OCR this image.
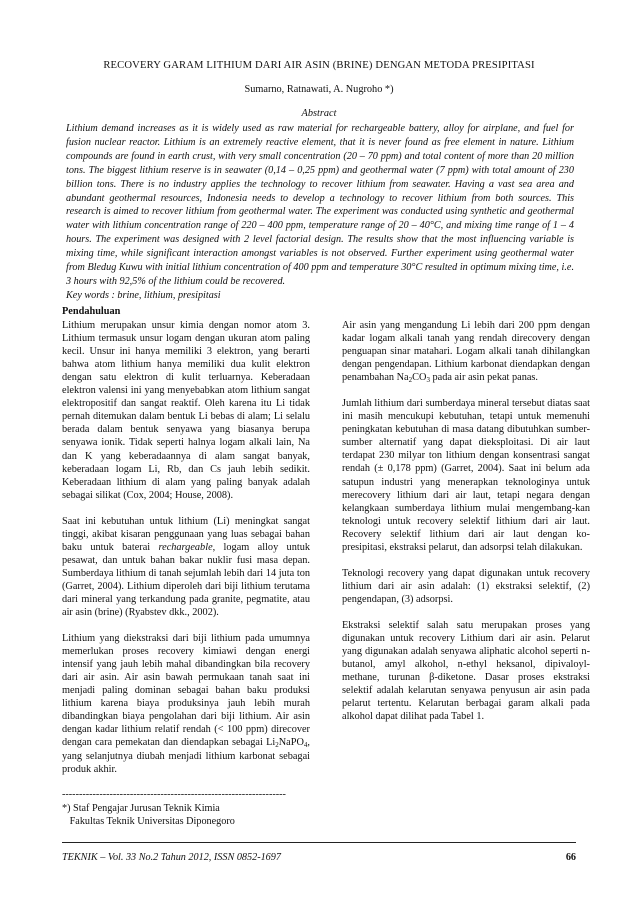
RECOVERY GARAM LITHIUM DARI AIR ASIN (BRINE) DENGAN METODA PRESIPITASI
Sumarno, Ratnawati, A. Nugroho *)
Abstract

Lithium demand increases as it is widely used as raw material for rechargeable battery, alloy for airplane, and fuel for fusion nuclear reactor. Lithium is an extremely reactive element, that it is never found as free element in nature. Lithium compounds are found in earth crust, with very small concentration (20 – 70 ppm) and total content of more than 20 million tons. The biggest lithium reserve is in seawater (0,14 – 0,25 ppm) and geothermal water (7 ppm) with total amount of 230 billion tons. There is no industry applies the technology to recover lithium from seawater. Having a vast sea area and abundant geothermal resources, Indonesia needs to develop a technology to recover lithium from both sources. This research is aimed to recover lithium from geothermal water. The experiment was conducted using synthetic and geothermal water with lithium concentration range of 220 – 400 ppm, temperature range of 20 – 40°C, and mixing time range of 1 – 4 hours. The experiment was designed with 2 level factorial design. The results show that the most influencing variable is mixing time, while significant interaction amongst variables is not observed. Further experiment using geothermal water from Bledug Kuwu with initial lithium concentration of 400 ppm and temperature 30°C resulted in optimum mixing time, i.e. 3 hours with 92,5% of the lithium could be recovered.

Key words : brine, lithium, presipitasi

Pendahuluan

Lithium merupakan unsur kimia dengan nomor atom 3. Lithium termasuk unsur logam dengan ukuran atom paling kecil. Unsur ini hanya memiliki 3 elektron, yang berarti bahwa atom lithium hanya memiliki dua kulit elektron dengan satu elektron di kulit terluarnya. Keberadaan elektron valensi ini yang menyebabkan atom lithium sangat elektropositif dan sangat reaktif. Oleh karena itu Li tidak pernah ditemukan dalam bentuk Li bebas di alam; Li selalu berada dalam bentuk senyawa yang biasanya berupa senyawa ionik. Tidak seperti halnya logam alkali lain, Na dan K yang keberadaannya di alam sangat banyak, keberadaan logam Li, Rb, dan Cs jauh lebih sedikit. Keberadaan lithium di alam yang paling banyak adalah sebagai silikat (Cox, 2004; House, 2008).

Saat ini kebutuhan untuk lithium (Li) meningkat sangat tinggi, akibat kisaran penggunaan yang luas sebagai bahan baku untuk baterai rechargeable, logam alloy untuk pesawat, dan untuk bahan bakar nuklir fusi masa depan. Sumberdaya lithium di tanah sejumlah lebih dari 14 juta ton (Garret, 2004). Lithium diperoleh dari biji lithium terutama dari mineral yang terkandung pada granite, pegmatite, atau air asin (brine) (Ryabstev dkk., 2002).

Lithium yang diekstraksi dari biji lithium pada umumnya memerlukan proses recovery kimiawi dengan energi intensif yang jauh lebih mahal dibandingkan bila recovery dari air asin. Air asin bawah permukaan tanah saat ini menjadi paling dominan sebagai bahan baku produksi lithium karena biaya produksinya jauh lebih murah dibandingkan biaya pengolahan dari biji lithium. Air asin dengan kadar lithium relatif rendah (< 100 ppm) direcover dengan cara pemekatan dan diendapkan sebagai $Li_2NaPO_4$, yang selanjutnya diubah menjadi lithium karbonat sebagai produk akhir.

Air asin yang mengandung Li lebih dari 200 ppm dengan kadar logam alkali tanah yang rendah direcovery dengan penguapan sinar matahari. Logam alkali tanah dihilangkan dengan pengendapan. Lithium karbonat diendapkan dengan penambahan $Na_2CO_3$ pada air asin pekat panas.

Jumlah lithium dari sumberdaya mineral tersebut diatas saat ini masih mencukupi kebutuhan, tetapi untuk memenuhi peningkatan kebutuhan di masa datang dibutuhkan sumber-sumber alternatif yang dapat dieksploitasi. Di air laut terdapat 230 milyar ton lithium dengan konsentrasi sangat rendah (± 0,178 ppm) (Garret, 2004). Saat ini belum ada satupun industri yang menerapkan teknologinya untuk merecovery lithium dari air laut, tetapi negara dengan kelangkaan sumberdaya lithium mulai mengembang-kan teknologi untuk recovery selektif lithium dari air laut. Recovery selektif lithium dari air laut dengan ko-presipitasi, ekstraksi pelarut, dan adsorpsi telah dilakukan.

Teknologi recovery yang dapat digunakan untuk recovery lithium dari air asin adalah: (1) ekstraksi selektif, (2) pengendapan, (3) adsorpsi.

Ekstraksi selektif salah satu merupakan proses yang digunakan untuk recovery Lithium dari air asin. Pelarut yang digunakan adalah senyawa aliphatic alcohol seperti n-butanol, amyl alkohol, n-ethyl heksanol, dipivaloyl-methane, turunan β-diketone. Dasar proses ekstraksi selektif adalah kelarutan senyawa penyusun air asin pada pelarut tertentu. Kelarutan berbagai garam alkali pada alkohol dapat dilihat pada Tabel 1.

------------------------------------------------------------------
*) Staf Pengajar Jurusan Teknik Kimia
Fakultas Teknik Universitas Diponegoro
TEKNIK – Vol. 33 No.2 Tahun 2012, ISSN 0852-1697	66
